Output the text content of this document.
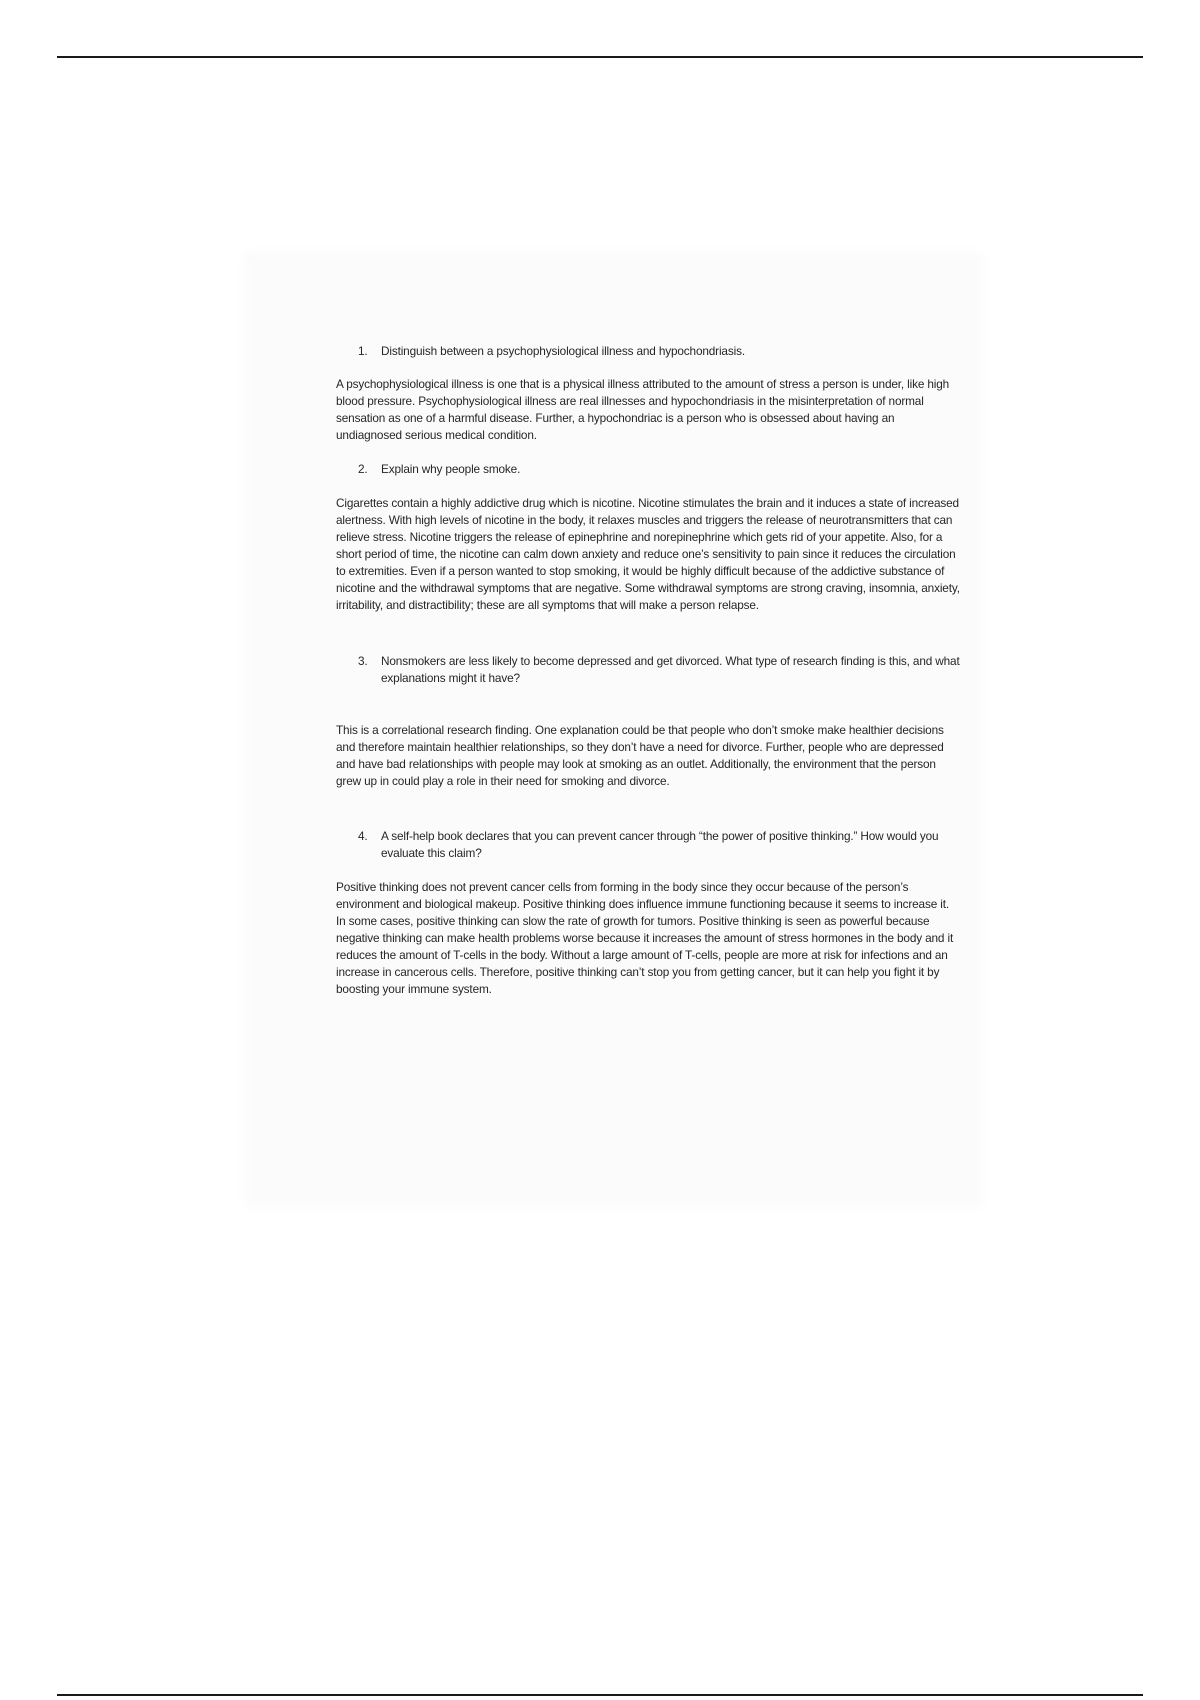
1. Distinguish between a psychophysiological illness and hypochondriasis.

A psychophysiological illness is one that is a physical illness attributed to the amount of stress a person is under, like high blood pressure. Psychophysiological illness are real illnesses and hypochondriasis in the misinterpretation of normal sensation as one of a harmful disease. Further, a hypochondriac is a person who is obsessed about having an undiagnosed serious medical condition.

2. Explain why people smoke.

Cigarettes contain a highly addictive drug which is nicotine. Nicotine stimulates the brain and it induces a state of increased alertness. With high levels of nicotine in the body, it relaxes muscles and triggers the release of neurotransmitters that can relieve stress. Nicotine triggers the release of epinephrine and norepinephrine which gets rid of your appetite. Also, for a short period of time, the nicotine can calm down anxiety and reduce one’s sensitivity to pain since it reduces the circulation to extremities. Even if a person wanted to stop smoking, it would be highly difficult because of the addictive substance of nicotine and the withdrawal symptoms that are negative. Some withdrawal symptoms are strong craving, insomnia, anxiety, irritability, and distractibility; these are all symptoms that will make a person relapse.

3. Nonsmokers are less likely to become depressed and get divorced. What type of research finding is this, and what explanations might it have?

This is a correlational research finding. One explanation could be that people who don’t smoke make healthier decisions and therefore maintain healthier relationships, so they don’t have a need for divorce. Further, people who are depressed and have bad relationships with people may look at smoking as an outlet. Additionally, the environment that the person grew up in could play a role in their need for smoking and divorce.

4. A self-help book declares that you can prevent cancer through “the power of positive thinking.” How would you evaluate this claim?

Positive thinking does not prevent cancer cells from forming in the body since they occur because of the person’s environment and biological makeup. Positive thinking does influence immune functioning because it seems to increase it. In some cases, positive thinking can slow the rate of growth for tumors. Positive thinking is seen as powerful because negative thinking can make health problems worse because it increases the amount of stress hormones in the body and it reduces the amount of T-cells in the body. Without a large amount of T-cells, people are more at risk for infections and an increase in cancerous cells. Therefore, positive thinking can’t stop you from getting cancer, but it can help you fight it by boosting your immune system.
